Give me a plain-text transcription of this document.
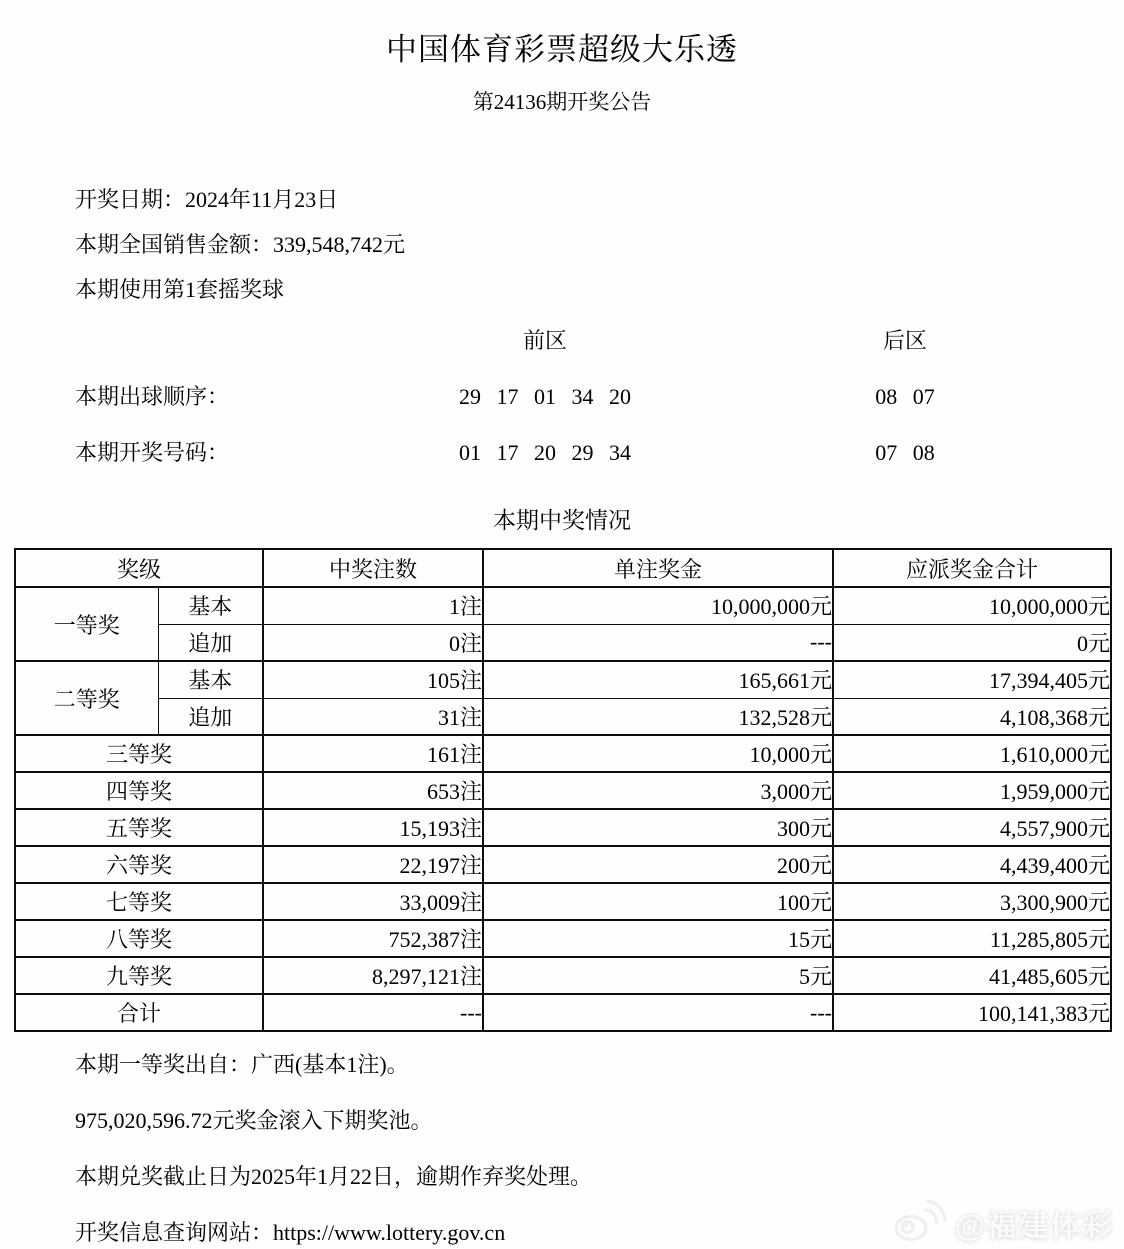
中国体育彩票超级大乐透
第24136期开奖公告

开奖日期：2024年11月23日

本期全国销售金额：339,548,742元

本期使用第1套摇奖球

前区	后区
本期出球顺序：	29 17 01 34 20	08 07
本期开奖号码：	01 17 20 29 34	07 08
本期中奖情况
奖级		中奖注数	单注奖金	应派奖金合计
一等奖	基本	1注	10,000,000元	10,000,000元
	追加	0注	---	0元
二等奖	基本	105注	165,661元	17,394,405元
	追加	31注	132,528元	4,108,368元
三等奖		161注	10,000元	1,610,000元
四等奖		653注	3,000元	1,959,000元
五等奖		15,193注	300元	4,557,900元
六等奖		22,197注	200元	4,439,400元
七等奖		33,009注	100元	3,300,900元
八等奖		752,387注	15元	11,285,805元
九等奖		8,297,121注	5元	41,485,605元
合计		---	---	100,141,383元

本期一等奖出自：广西(基本1注)。

975,020,596.72元奖金滚入下期奖池。

本期兑奖截止日为2025年1月22日，逾期作弃奖处理。

开奖信息查询网站：https://www.lottery.gov.cn	@福建体彩
